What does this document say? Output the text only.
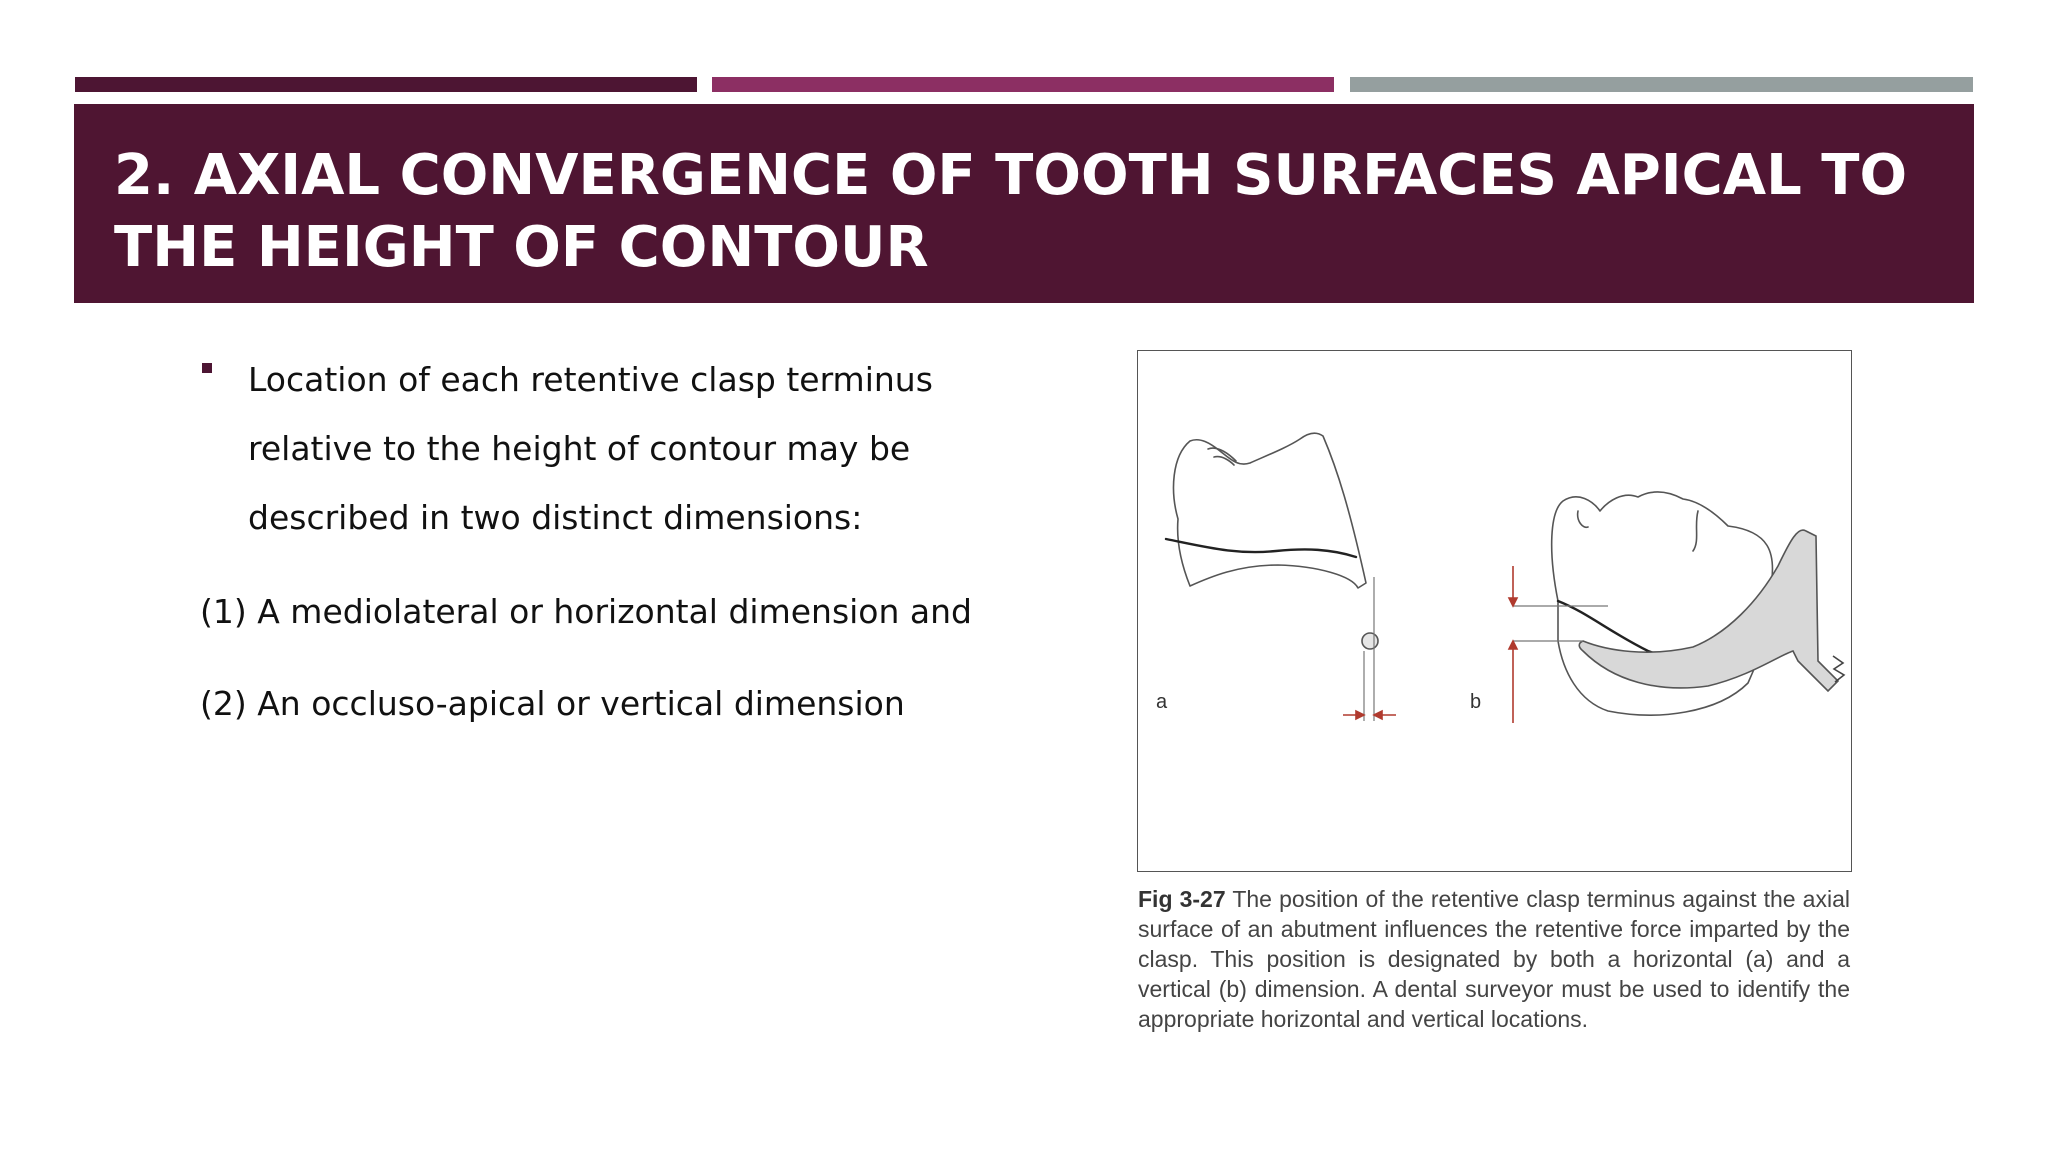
2. AXIAL CONVERGENCE OF TOOTH SURFACES APICAL TO THE HEIGHT OF CONTOUR
Location of each retentive clasp terminus relative to the height of contour may be described in two distinct dimensions:
(1) A mediolateral or horizontal dimension and
(2) An occluso-apical or vertical dimension	a	b

Fig 3-27 The position of the retentive clasp terminus against the axial surface of an abutment influences the retentive force imparted by the clasp. This position is designated by both a horizontal (a) and a vertical (b) dimension. A dental surveyor must be used to identify the appropriate horizontal and vertical locations.
